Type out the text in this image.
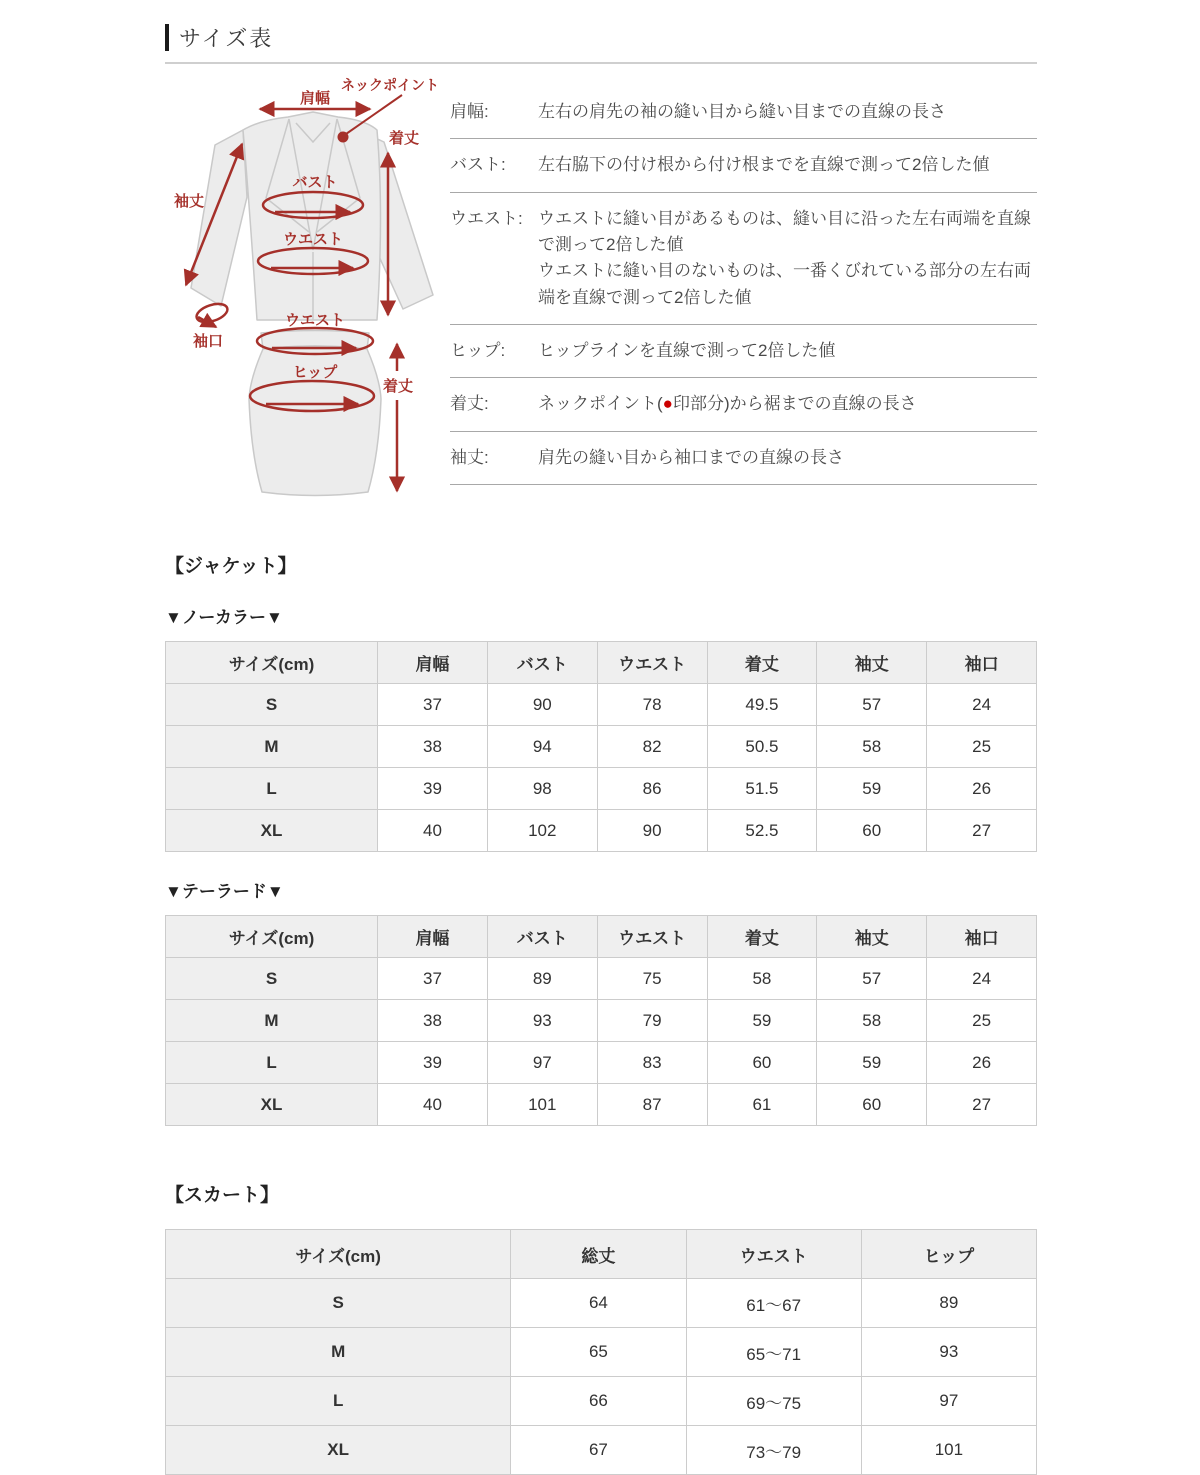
サイズ表
肩幅
ネックポイント
着丈
袖丈
バスト
ウエスト
袖口
ウエスト
ヒップ
着丈
肩幅:	左右の肩先の袖の縫い目から縫い目までの直線の長さ
バスト:	左右脇下の付け根から付け根までを直線で測って2倍した値
ウエスト: ウエストに縫い目があるものは、縫い目に沿った左右両端を直線で測って2倍した値
ウエストに縫い目のないものは、一番くびれている部分の左右両端を直線で測って2倍した値
ヒップ:	ヒップラインを直線で測って2倍した値
着丈:	ネックポイント(●印部分)から裾までの直線の長さ
袖丈:	肩先の縫い目から袖口までの直線の長さ
【ジャケット】
▼ノーカラー▼
サイズ(cm)	肩幅	バスト	ウエスト	着丈	袖丈	袖口
S	37	90	78	49.5	57	24
M	38	94	82	50.5	58	25
L	39	98	86	51.5	59	26
XL	40	102	90	52.5	60	27
▼テーラード▼
サイズ(cm)	肩幅	バスト	ウエスト	着丈	袖丈	袖口
S	37	89	75	58	57	24
M	38	93	79	59	58	25
L	39	97	83	60	59	26
XL	40	101	87	61	60	27
【スカート】
サイズ(cm)	総丈	ウエスト	ヒップ
S	64	61～67	89
M	65	65～71	93
L	66	69～75	97
XL	67	73～79	101
